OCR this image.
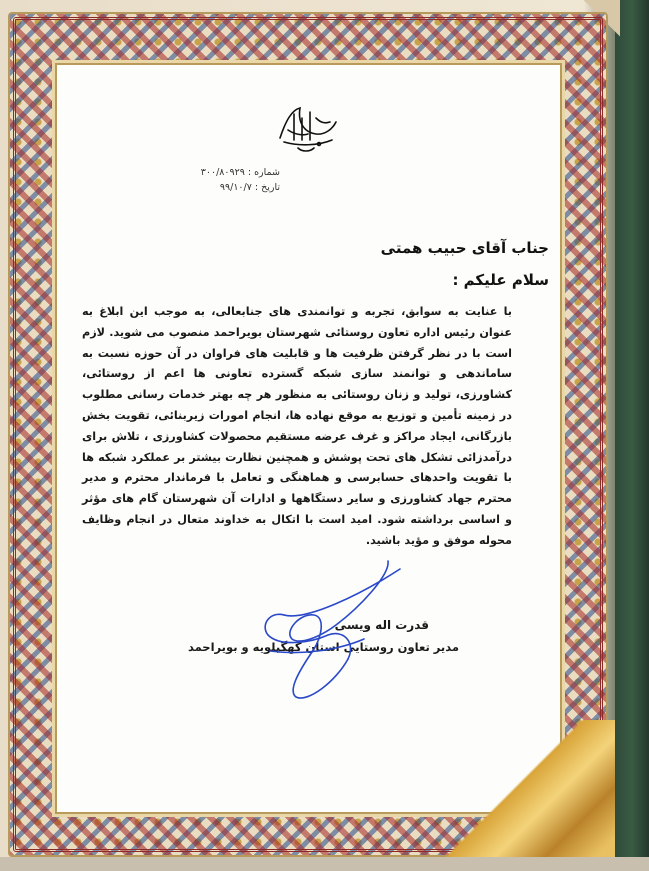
شماره : ۳۰۰/۸۰۹۲۹
تاریخ : ۹۹/۱۰/۷
جناب آقای حبیب همتی
سلام علیکم :
با عنایت به سوابق، تجربه و توانمندی های جنابعالی، به موجب این ابلاغ به عنوان رئیس اداره تعاون روستائی شهرستان بویراحمد منصوب می شوید. لازم است با در نظر گرفتن ظرفیت ها و قابلیت های فراوان در آن حوزه نسبت به ساماندهی و توانمند سازی شبکه گسترده تعاونی ها اعم از روستائی، کشاورزی، تولید و زنان روستائی به منظور هر چه بهتر خدمات رسانی مطلوب در زمینه تأمین و توزیع به موقع نهاده ها، انجام امورات زیربنائی، تقویت بخش بازرگانی، ایجاد مراکز و غرف عرضه مستقیم محصولات کشاورزی ، تلاش برای درآمدزائی تشکل های تحت پوشش و همچنین نظارت بیشتر بر عملکرد شبکه ها با تقویت واحدهای حسابرسی و هماهنگی و تعامل با فرماندار محترم و مدیر محترم جهاد کشاورزی و سایر دستگاهها و ادارات آن شهرستان گام های مؤثر و اساسی برداشته شود. امید است با اتکال به خداوند متعال در انجام وظایف محوله موفق و مؤید باشید.
قدرت اله ویسی
مدیر تعاون روستایی استان کهگیلویه و بویراحمد
